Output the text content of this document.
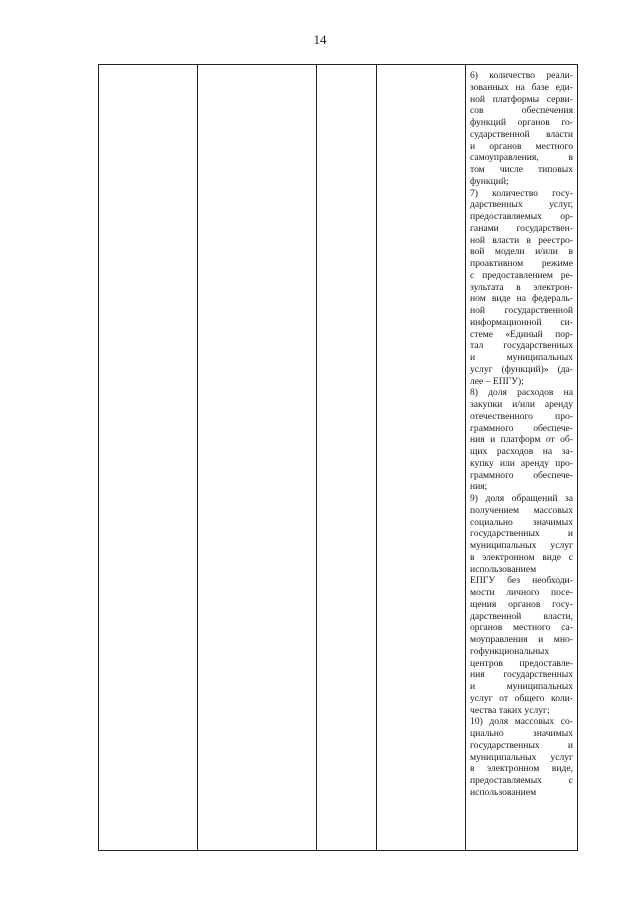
14
6) количество реали-
зованных на базе еди-
ной платформы серви-
сов обеспечения
функций органов го-
сударственной власти
и органов местного
самоуправления, в
том числе типовых
функций;
7) количество госу-
дарственных услуг,
предоставляемых ор-
ганами государствен-
ной власти в реестро-
вой модели и/или в
проактивном режиме
с предоставлением ре-
зультата в электрон-
ном виде на федераль-
ной государственной
информационной си-
стеме «Единый пор-
тал государственных
и муниципальных
услуг (функций)» (да-
лее – ЕПГУ);
8) доля расходов на
закупки и/или аренду
отечественного про-
граммного обеспече-
ния и платформ от об-
щих расходов на за-
купку или аренду про-
граммного обеспече-
ния;
9) доля обращений за
получением массовых
социально значимых
государственных и
муниципальных услуг
в электронном виде с
использованием
ЕПГУ без необходи-
мости личного посе-
щения органов госу-
дарственной власти,
органов местного са-
моуправления и мно-
гофункциональных
центров предоставле-
ния государственных
и муниципальных
услуг от общего коли-
чества таких услуг;
10) доля массовых со-
циально значимых
государственных и
муниципальных услуг
в электронном виде,
предоставляемых с
использованием
